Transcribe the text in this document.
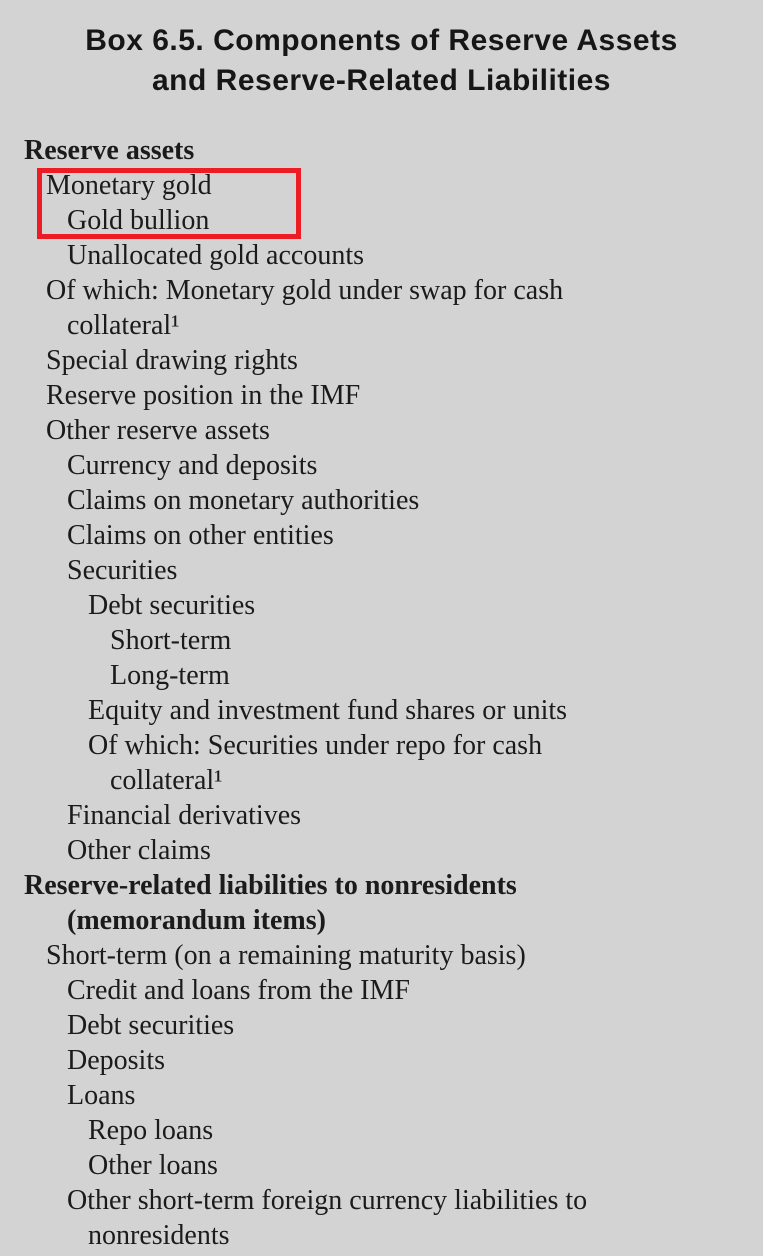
Box 6.5. Components of Reserve Assets
and Reserve-Related Liabilities
Reserve assets
Monetary gold
Gold bullion
Unallocated gold accounts
Of which: Monetary gold under swap for cash
collateral¹
Special drawing rights
Reserve position in the IMF
Other reserve assets
Currency and deposits
Claims on monetary authorities
Claims on other entities
Securities
Debt securities
Short-term
Long-term
Equity and investment fund shares or units
Of which: Securities under repo for cash
collateral¹
Financial derivatives
Other claims
Reserve-related liabilities to nonresidents
(memorandum items)
Short-term (on a remaining maturity basis)
Credit and loans from the IMF
Debt securities
Deposits
Loans
Repo loans
Other loans
Other short-term foreign currency liabilities to
nonresidents
